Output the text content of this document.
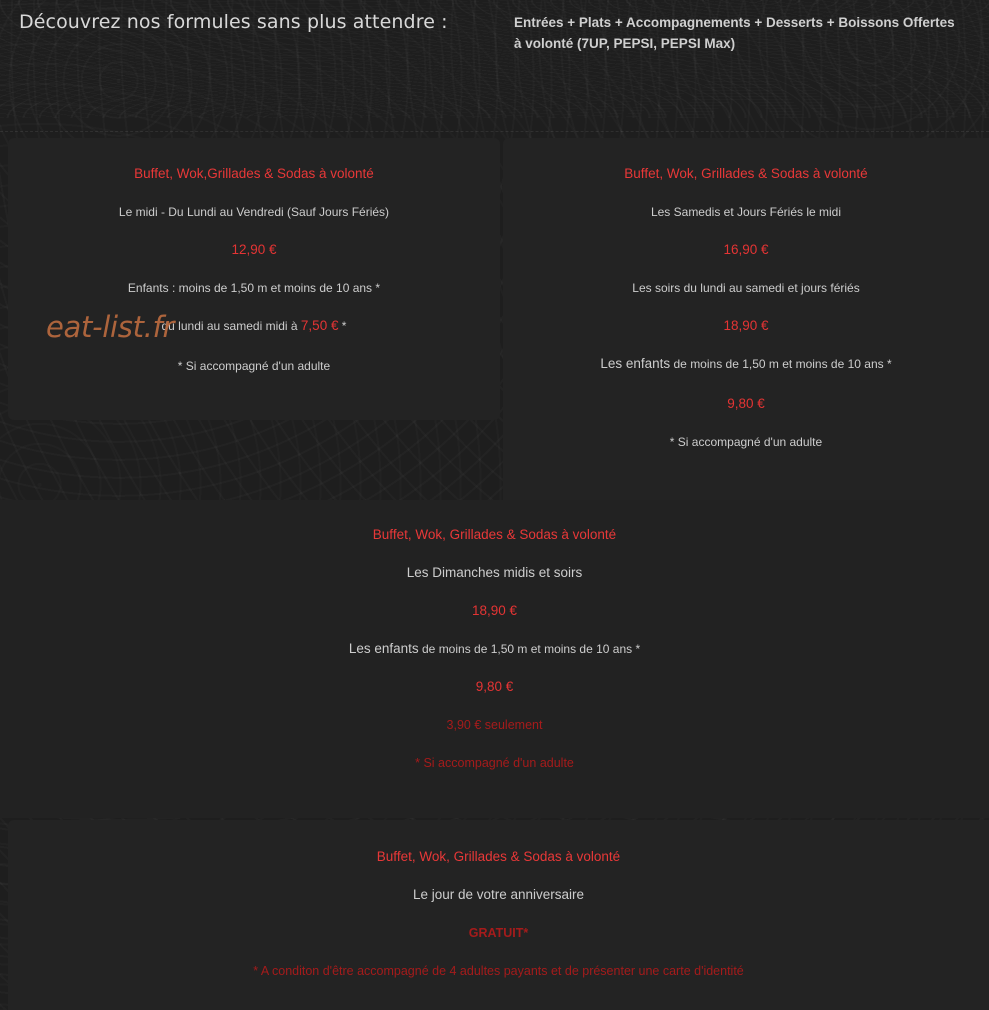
Découvrez nos formules sans plus attendre :	Entrées + Plats + Accompagnements + Desserts + Boissons Offertes à volonté (7UP, PEPSI, PEPSI Max)
Buffet, Wok,Grillades & Sodas à volonté
Le midi - Du Lundi au Vendredi (Sauf Jours Fériés)
12,90 €
Enfants : moins de 1,50 m et moins de 10 ans *
du lundi au samedi midi à 7,50 € *
* Si accompagné d'un adulte
Buffet, Wok, Grillades & Sodas à volonté
Les Samedis et Jours Fériés le midi
16,90 €
Les soirs du lundi au samedi et jours fériés
18,90 €
Les enfants de moins de 1,50 m et moins de 10 ans *
9,80 €
* Si accompagné d'un adulte
Buffet, Wok, Grillades & Sodas à volonté
Les Dimanches midis et soirs
18,90 €
Les enfants de moins de 1,50 m et moins de 10 ans *
9,80 €
3,90 € seulement
* Si accompagné d'un adulte
Buffet, Wok, Grillades & Sodas à volonté
Le jour de votre anniversaire
GRATUIT*
* A conditon d'être accompagné de 4 adultes payants et de présenter une carte d'identité
eat-list.fr
